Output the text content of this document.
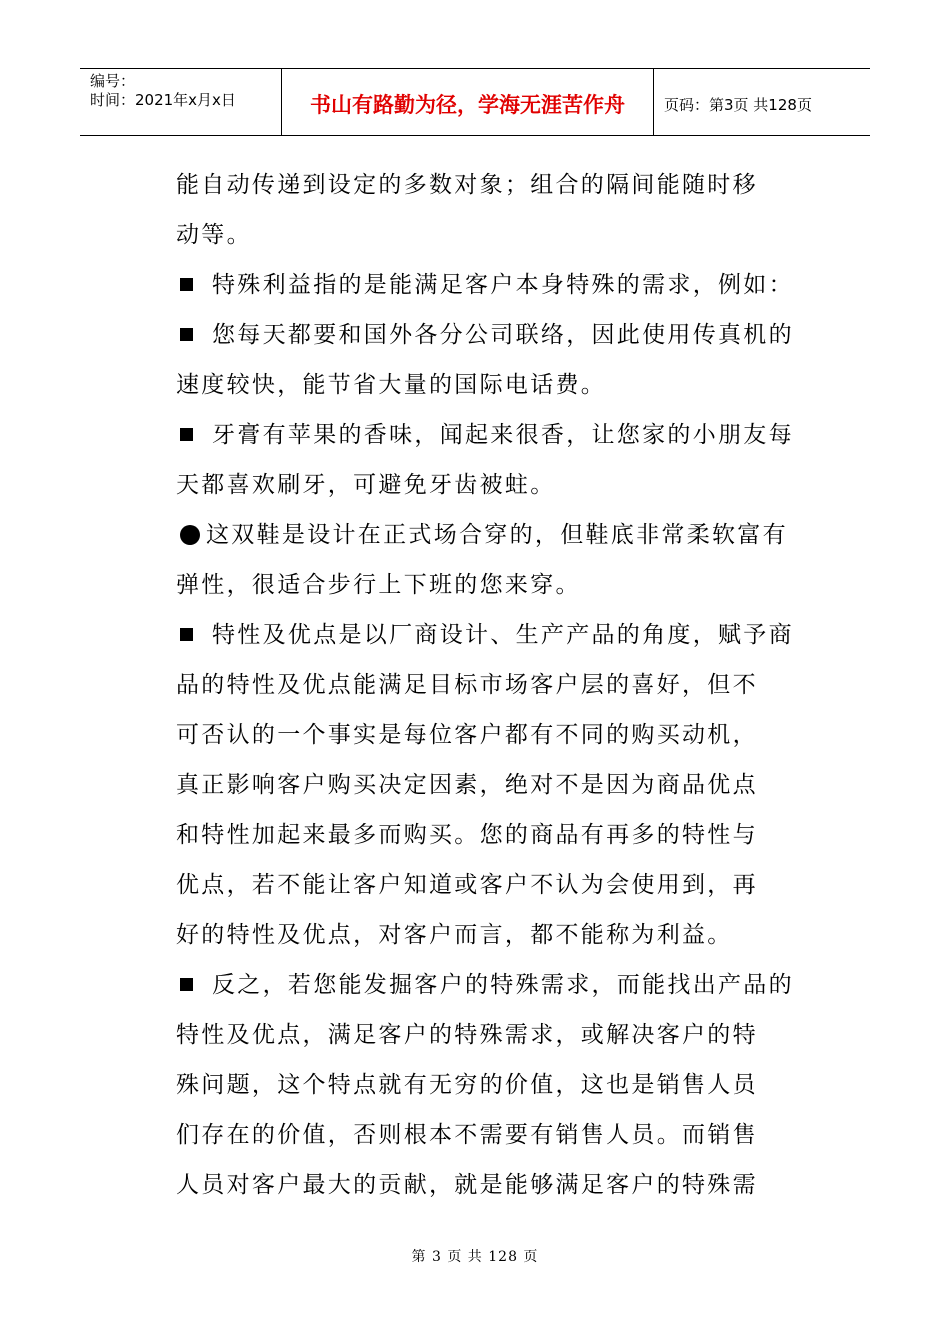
编号：
时间：2021年x月x日	书山有路勤为径，学海无涯苦作舟	页码：第3页 共128页
能自动传递到设定的多数对象；组合的隔间能随时移
动等。
特殊利益指的是能满足客户本身特殊的需求，例如：
您每天都要和国外各分公司联络，因此使用传真机的
速度较快，能节省大量的国际电话费。
牙膏有苹果的香味，闻起来很香，让您家的小朋友每
天都喜欢刷牙，可避免牙齿被蛀。
这双鞋是设计在正式场合穿的，但鞋底非常柔软富有
弹性，很适合步行上下班的您来穿。
特性及优点是以厂商设计、生产产品的角度，赋予商
品的特性及优点能满足目标市场客户层的喜好，但不
可否认的一个事实是每位客户都有不同的购买动机，
真正影响客户购买决定因素，绝对不是因为商品优点
和特性加起来最多而购买。您的商品有再多的特性与
优点，若不能让客户知道或客户不认为会使用到，再
好的特性及优点，对客户而言，都不能称为利益。
反之，若您能发掘客户的特殊需求，而能找出产品的
特性及优点，满足客户的特殊需求，或解决客户的特
殊问题，这个特点就有无穷的价值，这也是销售人员
们存在的价值，否则根本不需要有销售人员。而销售
人员对客户最大的贡献，就是能够满足客户的特殊需
第 3 页 共 128 页
